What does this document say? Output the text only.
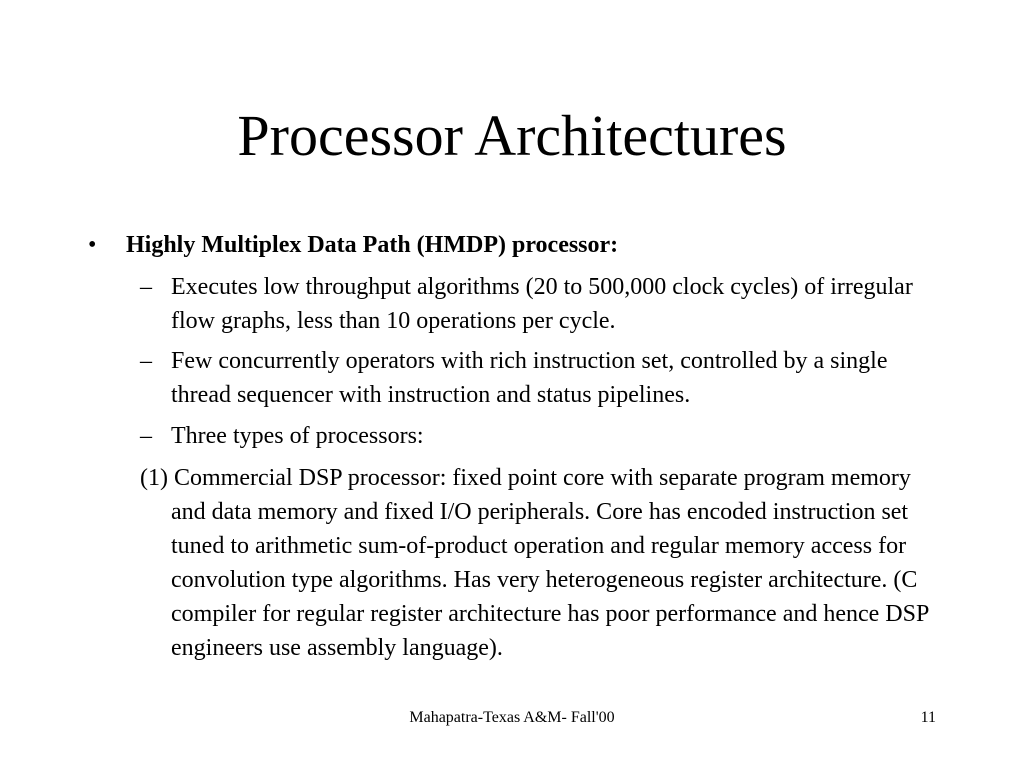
Processor Architectures
• Highly Multiplex Data Path (HMDP) processor:
– Executes low throughput algorithms (20 to 500,000 clock cycles) of irregular flow graphs, less than 10 operations per cycle.
– Few concurrently operators with rich instruction set, controlled by a single thread sequencer with instruction and status pipelines.
– Three types of processors:
(1) Commercial DSP processor: fixed point core with separate program memory and data memory and fixed I/O peripherals. Core has encoded instruction set tuned to arithmetic sum-of-product operation and regular memory access for convolution type algorithms. Has very heterogeneous register architecture. (C compiler for regular register architecture has poor performance and hence DSP engineers use assembly language).
Mahapatra-Texas A&M- Fall'00	11
